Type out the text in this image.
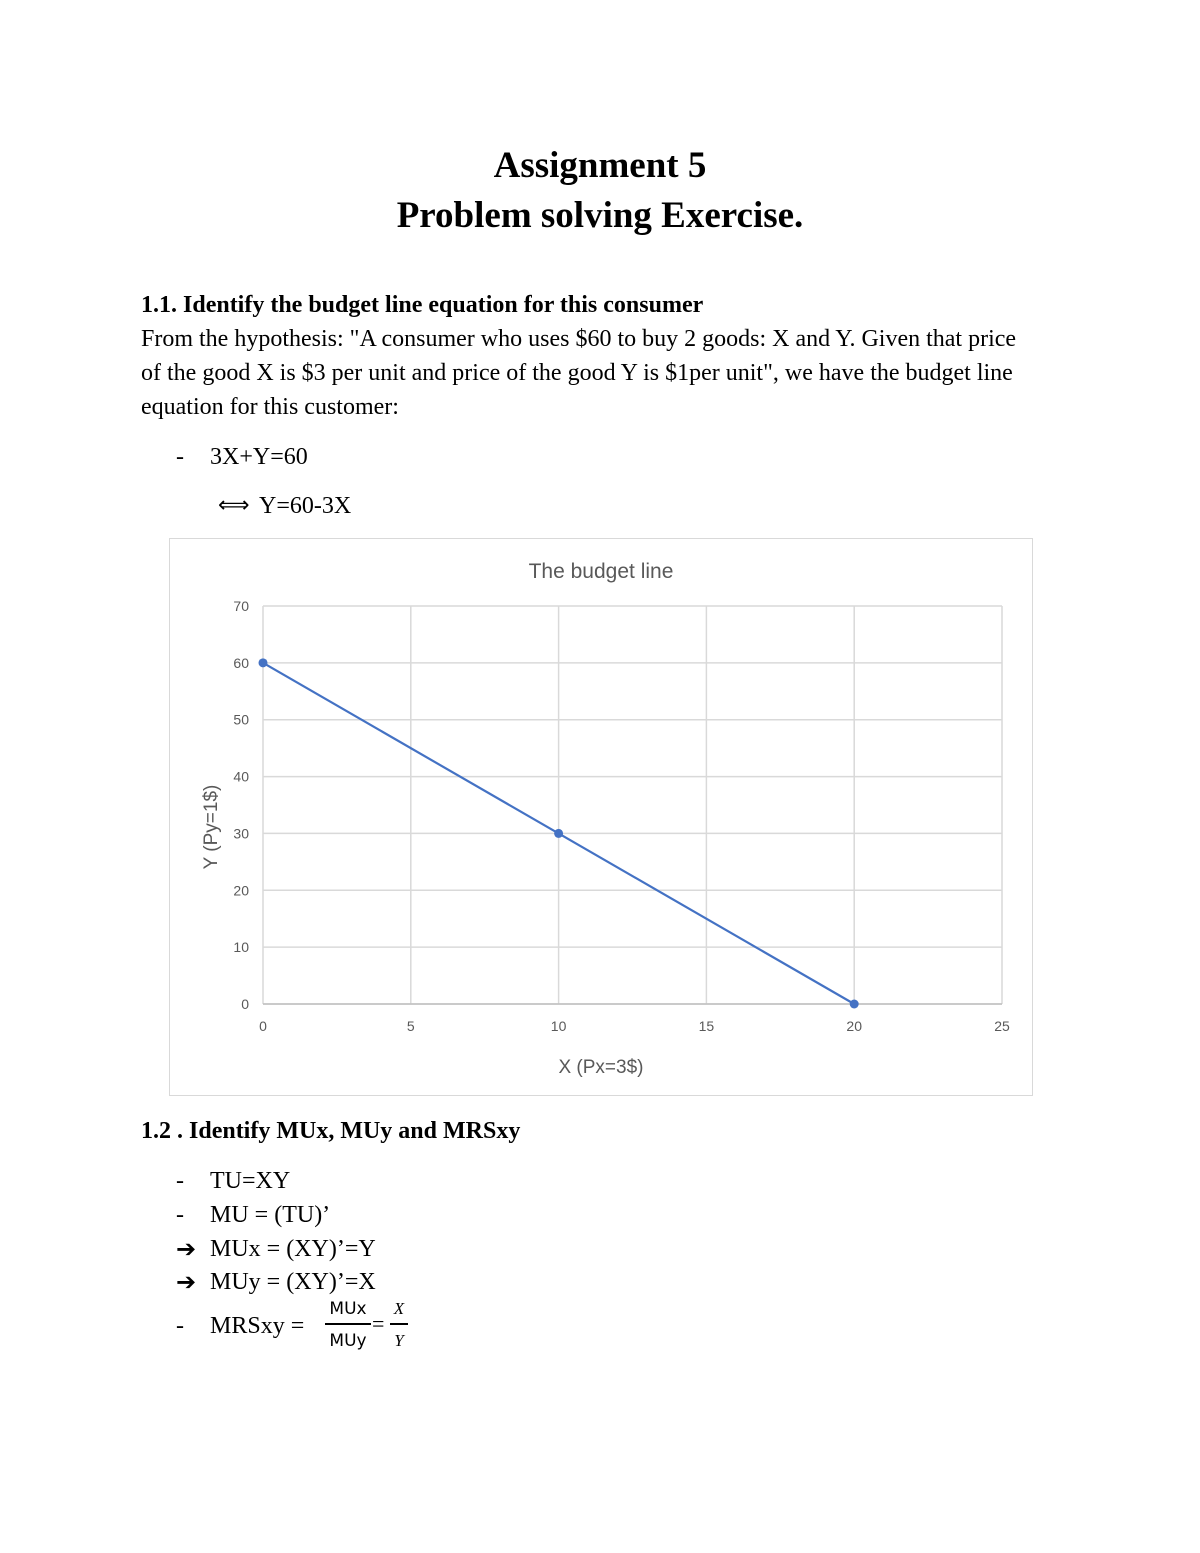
Assignment 5
Problem solving Exercise.
1.1. Identify the budget line equation for this consumer
From the hypothesis: "A consumer who uses $60 to buy 2 goods: X and Y. Given that price of the good X is $3 per unit and price of the good Y is $1per unit", we have the budget line equation for this customer:
- 3X+Y=60
⟺ Y=60-3X
0
10
20
30
40
50
60
70
0	5	10	15	20	25
The budget line
X (Px=3$)
Y (Py=1$)
1.2 . Identify MUx, MUy and MRSxy
- TU=XY
- MU = (TU)’
➔ MUx = (XY)’=Y
➔ MUy = (XY)’=X
- MRSxy =
MUx
MUy
=
X
Y
